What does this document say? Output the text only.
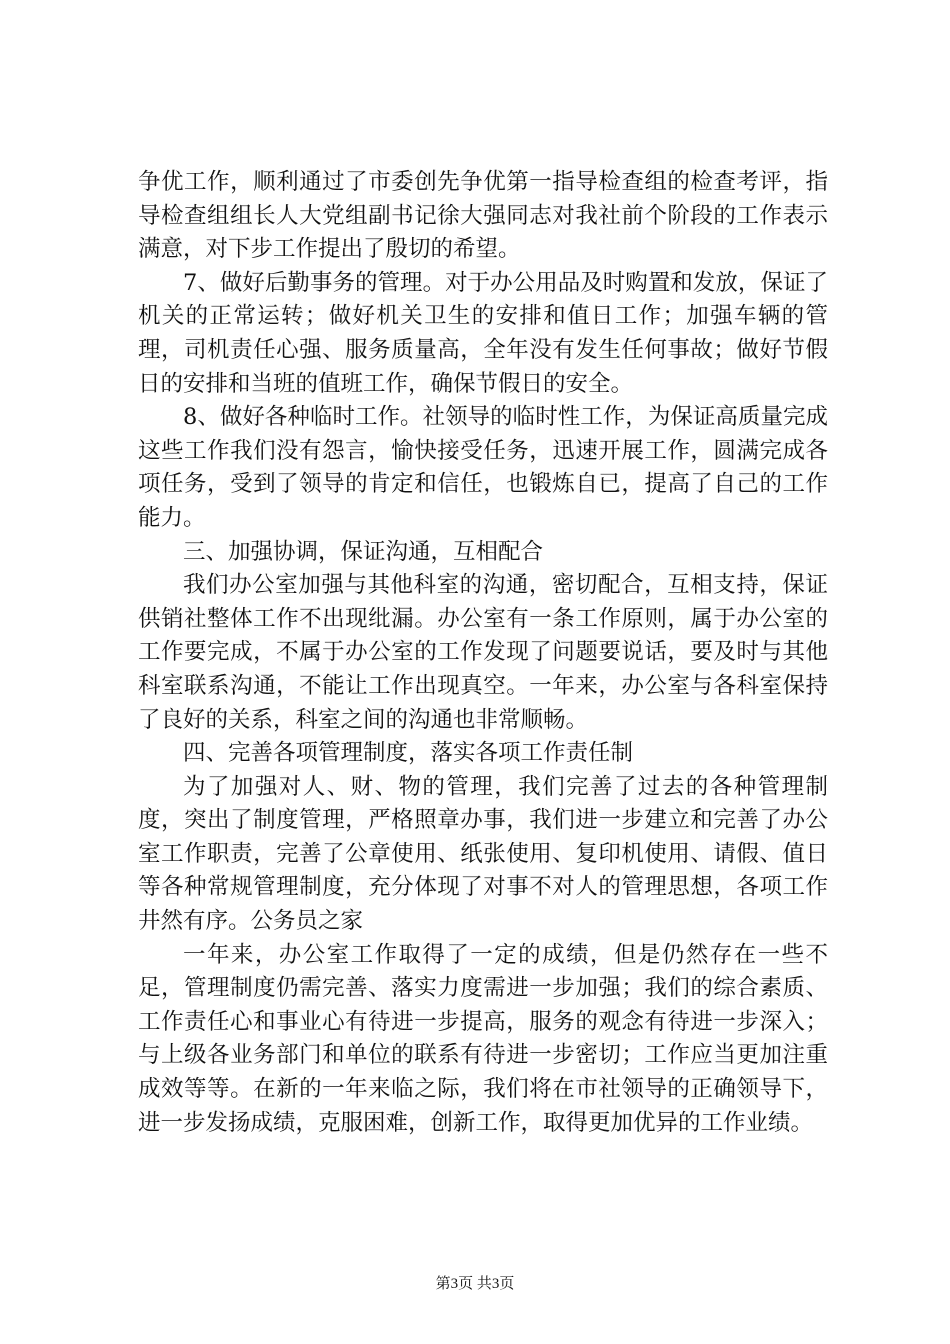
争优工作，顺利通过了市委创先争优第一指导检查组的检查考评，指导检查组组长人大党组副书记徐大强同志对我社前个阶段的工作表示满意，对下步工作提出了殷切的希望。

7、做好后勤事务的管理。对于办公用品及时购置和发放，保证了机关的正常运转；做好机关卫生的安排和值日工作；加强车辆的管理，司机责任心强、服务质量高，全年没有发生任何事故；做好节假日的安排和当班的值班工作，确保节假日的安全。

8、做好各种临时工作。社领导的临时性工作，为保证高质量完成这些工作我们没有怨言，愉快接受任务，迅速开展工作，圆满完成各项任务，受到了领导的肯定和信任，也锻炼自已，提高了自己的工作能力。

三、加强协调，保证沟通，互相配合

我们办公室加强与其他科室的沟通，密切配合，互相支持，保证供销社整体工作不出现纰漏。办公室有一条工作原则，属于办公室的工作要完成，不属于办公室的工作发现了问题要说话，要及时与其他科室联系沟通，不能让工作出现真空。一年来，办公室与各科室保持了良好的关系，科室之间的沟通也非常顺畅。

四、完善各项管理制度，落实各项工作责任制

为了加强对人、财、物的管理，我们完善了过去的各种管理制度，突出了制度管理，严格照章办事，我们进一步建立和完善了办公室工作职责，完善了公章使用、纸张使用、复印机使用、请假、值日等各种常规管理制度，充分体现了对事不对人的管理思想，各项工作井然有序。公务员之家

一年来，办公室工作取得了一定的成绩，但是仍然存在一些不足，管理制度仍需完善、落实力度需进一步加强；我们的综合素质、工作责任心和事业心有待进一步提高，服务的观念有待进一步深入；与上级各业务部门和单位的联系有待进一步密切；工作应当更加注重成效等等。在新的一年来临之际，我们将在市社领导的正确领导下，进一步发扬成绩，克服困难，创新工作，取得更加优异的工作业绩。

第3页 共3页
